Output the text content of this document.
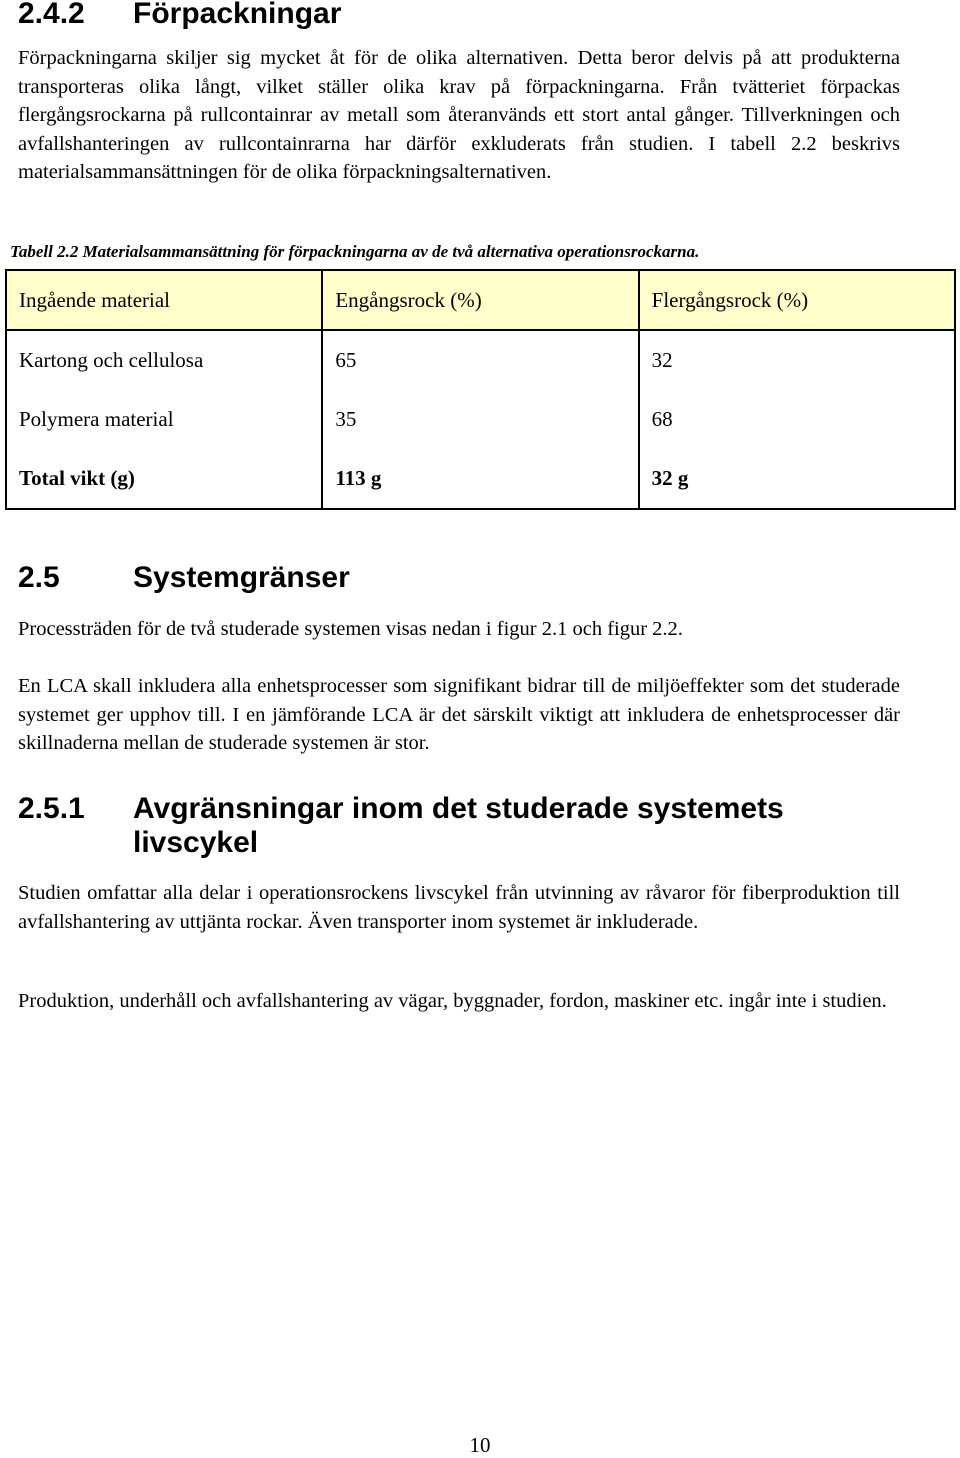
2.4.2 Förpackningar

Förpackningarna skiljer sig mycket åt för de olika alternativen. Detta beror delvis på att produkterna transporteras olika långt, vilket ställer olika krav på förpackningarna. Från tvätteriet förpackas flergångsrockarna på rullcontainrar av metall som återanvänds ett stort antal gånger. Tillverkningen och avfallshanteringen av rullcontainrarna har därför exkluderats från studien. I tabell 2.2 beskrivs materialsammansättningen för de olika förpackningsalternativen.

Tabell 2.2 Materialsammansättning för förpackningarna av de två alternativa operationsrockarna.

Ingående material	Engångsrock (%)	Flergångsrock (%)
Kartong och cellulosa	65	32
Polymera material	35	68
Total vikt (g)	113 g	32 g
2.5 Systemgränser

Processträden för de två studerade systemen visas nedan i figur 2.1 och figur 2.2.

En LCA skall inkludera alla enhetsprocesser som signifikant bidrar till de miljöeffekter som det studerade systemet ger upphov till. I en jämförande LCA är det särskilt viktigt att inkludera de enhetsprocesser där skillnaderna mellan de studerade systemen är stor.

2.5.1 Avgränsningar inom det studerade systemets
livscykel

Studien omfattar alla delar i operationsrockens livscykel från utvinning av råvaror för fiberproduktion till avfallshantering av uttjänta rockar. Även transporter inom systemet är inkluderade.

Produktion, underhåll och avfallshantering av vägar, byggnader, fordon, maskiner etc. ingår inte i studien.

10
